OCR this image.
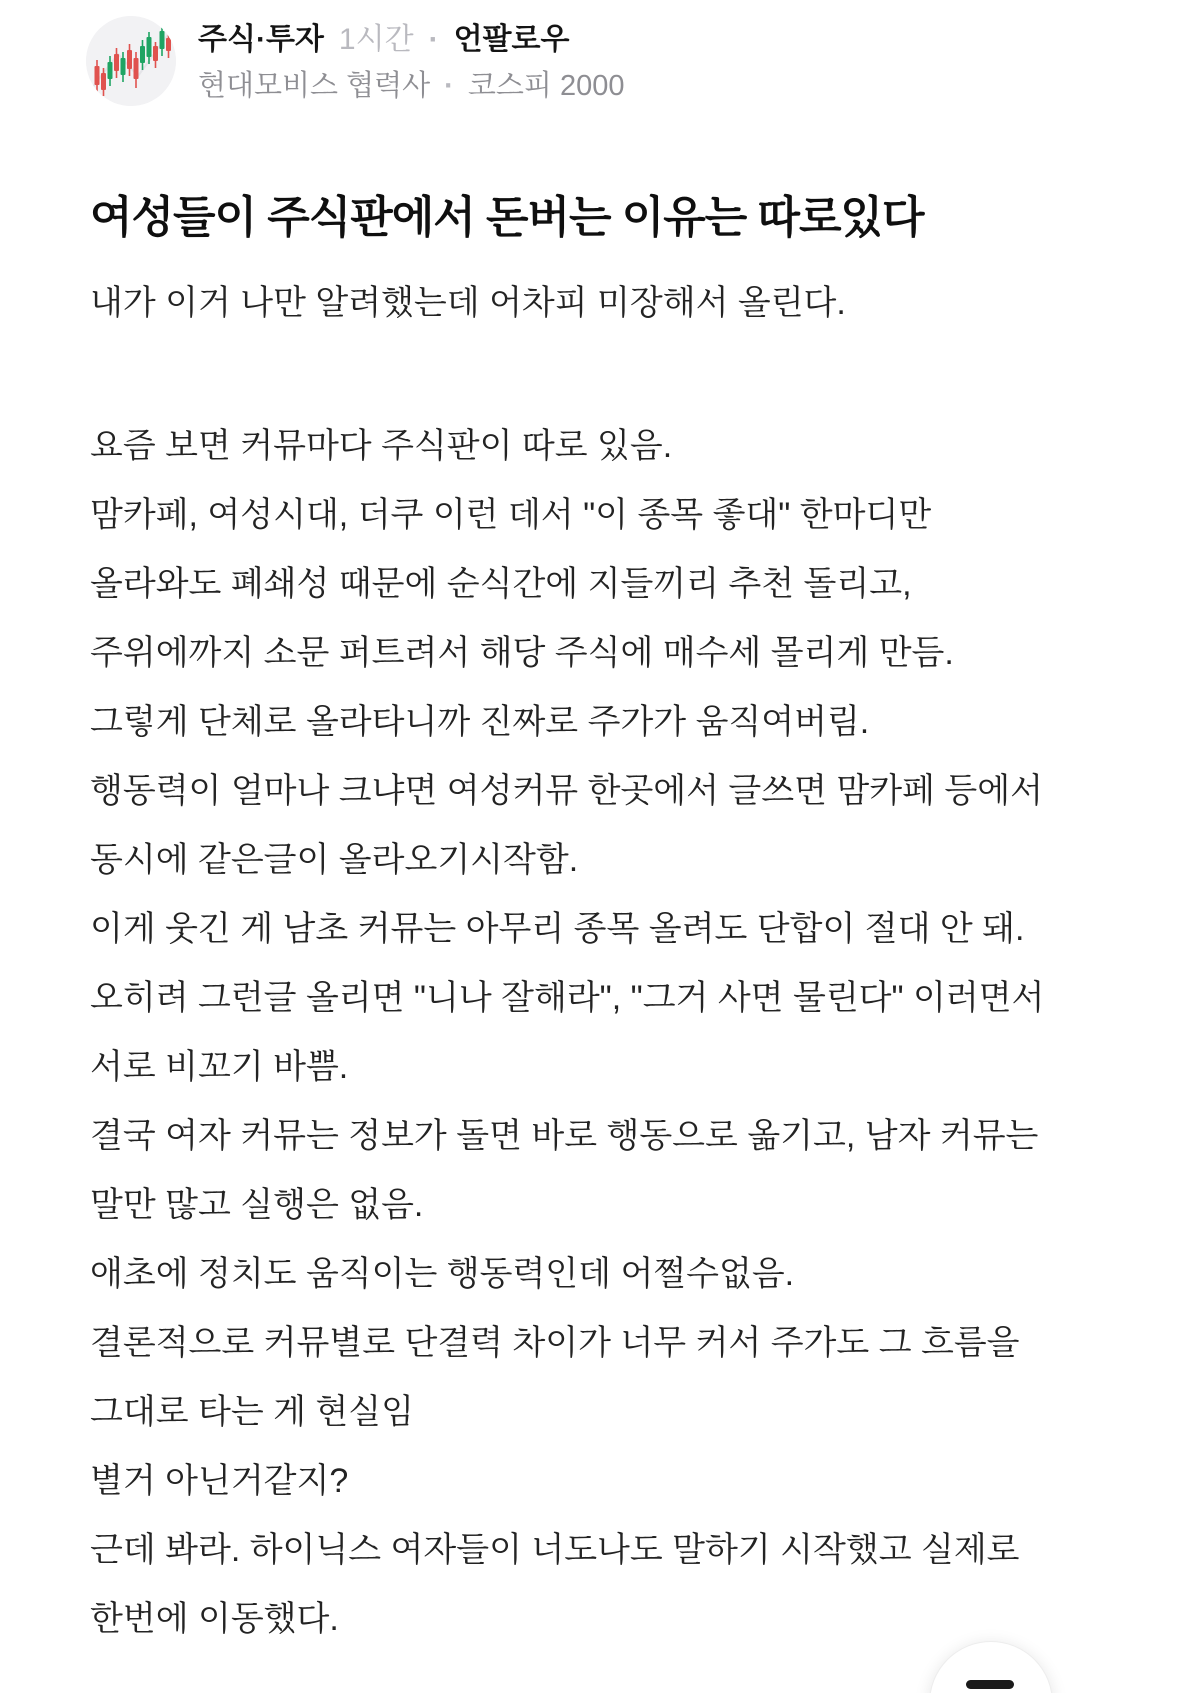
주식·투자 1시간 · 언팔로우
현대모비스 협력사 · 코스피 2000
여성들이 주식판에서 돈버는 이유는 따로있다

내가 이거 나만 알려했는데 어차피 미장해서 올린다.

요즘 보면 커뮤마다 주식판이 따로 있음.

맘카페, 여성시대, 더쿠 이런 데서 "이 종목 좋대" 한마디만

올라와도 폐쇄성 때문에 순식간에 지들끼리 추천 돌리고,

주위에까지 소문 퍼트려서 해당 주식에 매수세 몰리게 만듬.

그렇게 단체로 올라타니까 진짜로 주가가 움직여버림.

행동력이 얼마나 크냐면 여성커뮤 한곳에서 글쓰면 맘카페 등에서

동시에 같은글이 올라오기시작함.

이게 웃긴 게 남초 커뮤는 아무리 종목 올려도 단합이 절대 안 돼.

오히려 그런글 올리면 "니나 잘해라", "그거 사면 물린다" 이러면서

서로 비꼬기 바쁨.

결국 여자 커뮤는 정보가 돌면 바로 행동으로 옮기고, 남자 커뮤는

말만 많고 실행은 없음.

애초에 정치도 움직이는 행동력인데 어쩔수없음.

결론적으로 커뮤별로 단결력 차이가 너무 커서 주가도 그 흐름을

그대로 타는 게 현실임

별거 아닌거같지?

근데 봐라. 하이닉스 여자들이 너도나도 말하기 시작했고 실제로

한번에 이동했다.
